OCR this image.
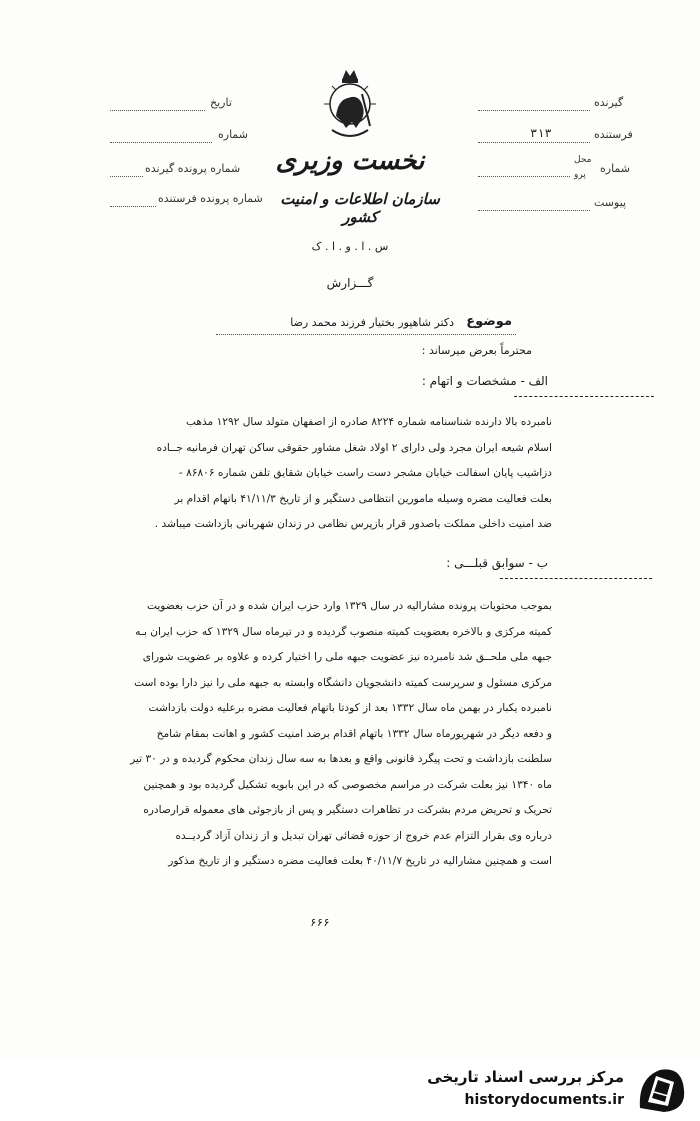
تاریخ
شماره
شماره پرونده گیرنده
شماره پرونده فرستنده
گیرنده
فرستنده
۳۱۳
شماره
محل
پرو
پیوست
نخست وزیری
سازمان اطلاعات و امنیت کشور
س . ا . و . ا . ک
گـــزارش
موضوع
دکتر شاهپور بختیار فرزند محمد رضا
محترماً بعرض میرساند :
الف - مشخصات و اتهام :
نامبرده بالا دارنده شناسنامه شماره ۸۲۲۴ صادره از اصفهان متولد سال ۱۲۹۲ مذهب
اسلام شیعه ایران مجرد ولی دارای ۲ اولاد شغل مشاور حقوقی ساکن تهران فرمانیه جــاده
دزاشیب پایان اسفالت خیابان مشجر دست راست خیابان شقایق تلفن شماره ۸۶۸۰۶ -
بعلت فعالیت مضره وسیله مامورین انتظامی دستگیر و از تاریخ ۴۱/۱۱/۳ باتهام اقدام بر
ضد امنیت داخلی مملکت باصدور قرار بازپرس نظامی در زندان شهربانی بازداشت میباشد .
ب - سوابق قبلـــی :
بموجب محتویات پرونده مشارالیه در سال ۱۳۲۹ وارد حزب ایران شده و در آن حزب بعضویت
کمیته مرکزی و بالاخره بعضویت کمیته منصوب گردیده و در تیرماه سال ۱۳۲۹ که حزب ایران بـه
جبهه ملی ملحــق شد نامبرده نیز عضویت جبهه ملی را اختیار کرده و علاوه بر عضویت شورای
مرکزی مسئول و سرپرست کمیته دانشجویان دانشگاه وابسته به جبهه ملی را نیز دارا بوده است
نامبرده یکبار در بهمن ماه سال ۱۳۳۲ بعد از کودتا باتهام فعالیت مضره برعلیه دولت بازداشت
و دفعه دیگر در شهریورماه سال ۱۳۳۲ باتهام اقدام برضد امنیت کشور و اهانت بمقام شامخ
سلطنت بازداشت و تحت پیگرد قانونی واقع و بعدها به سه سال زندان محکوم گردیده و در ۳۰ تیر
ماه ۱۳۴۰ نیز بعلت شرکت در مراسم مخصوصی که در این بابویه تشکیل گردیده بود و همچنین
تحریک و تحریض مردم بشرکت در تظاهرات دستگیر و پس از بازجوئی های معموله قرارصادره
درباره وی بقرار التزام عدم خروج از حوزه قضائی تهران تبدیل و از زندان آزاد گردیــده
است و همچنین مشارالیه در تاریخ ۴۰/۱۱/۷ بعلت فعالیت مضره دستگیر و از تاریخ مذکور
۶۶۶
مرکز بررسی اسناد تاریخی
historydocuments.ir
